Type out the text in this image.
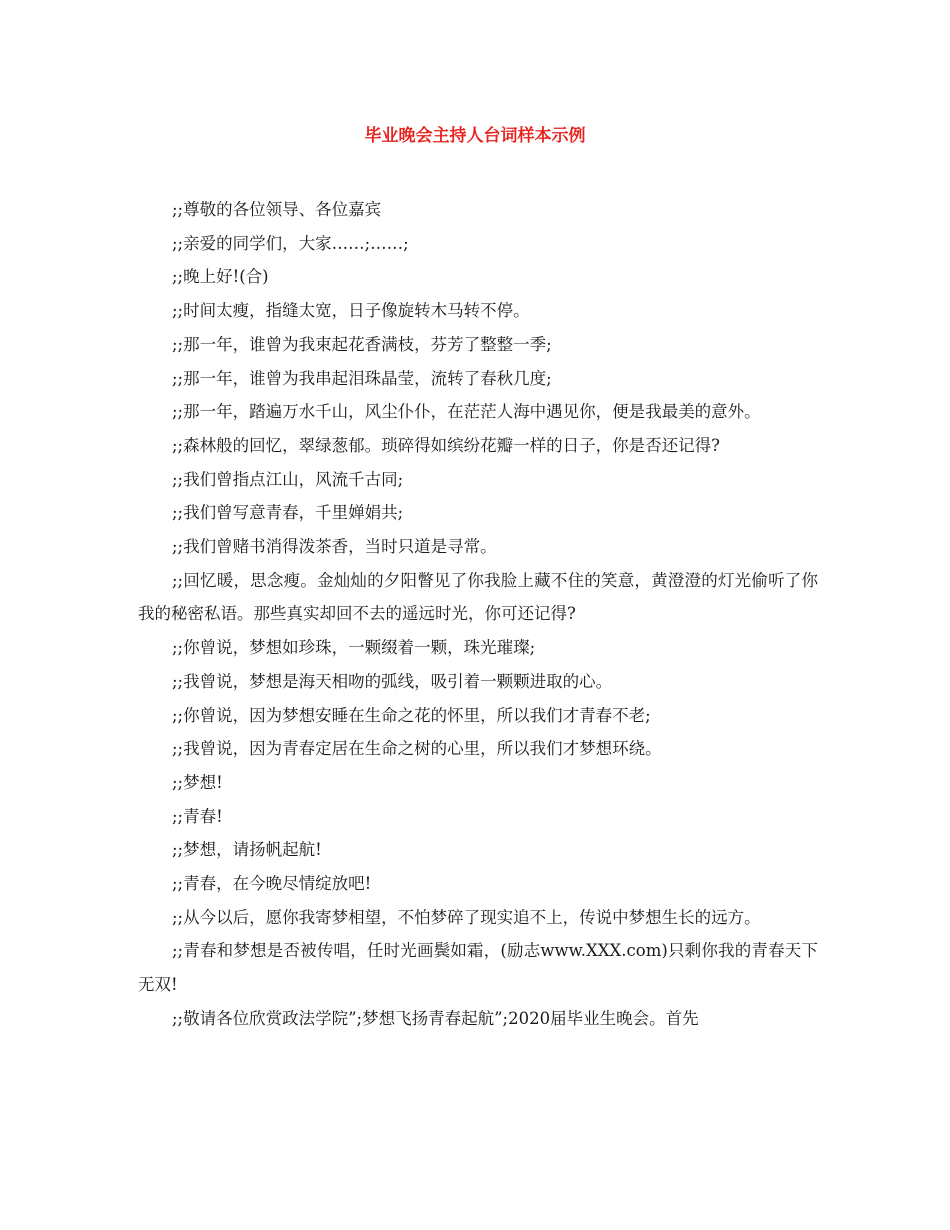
毕业晚会主持人台词样本示例

;;尊敬的各位领导、各位嘉宾

;;亲爱的同学们，大家……;……;

;;晚上好!(合)

;;时间太瘦，指缝太宽，日子像旋转木马转不停。

;;那一年，谁曾为我束起花香满枝，芬芳了整整一季;

;;那一年，谁曾为我串起泪珠晶莹，流转了春秋几度;

;;那一年，踏遍万水千山，风尘仆仆，在茫茫人海中遇见你，便是我最美的意外。

;;森林般的回忆，翠绿葱郁。琐碎得如缤纷花瓣一样的日子，你是否还记得?

;;我们曾指点江山，风流千古同;

;;我们曾写意青春，千里婵娟共;

;;我们曾赌书消得泼茶香，当时只道是寻常。

;;回忆暖，思念瘦。金灿灿的夕阳瞥见了你我脸上藏不住的笑意，黄澄澄的灯光偷听了你我的秘密私语。那些真实却回不去的遥远时光，你可还记得?

;;你曾说，梦想如珍珠，一颗缀着一颗，珠光璀璨;

;;我曾说，梦想是海天相吻的弧线，吸引着一颗颗进取的心。

;;你曾说，因为梦想安睡在生命之花的怀里，所以我们才青春不老;

;;我曾说，因为青春定居在生命之树的心里，所以我们才梦想环绕。

;;梦想!

;;青春!

;;梦想，请扬帆起航!

;;青春，在今晚尽情绽放吧!

;;从今以后，愿你我寄梦相望，不怕梦碎了现实追不上，传说中梦想生长的远方。

;;青春和梦想是否被传唱，任时光画鬓如霜，(励志www.XXX.com)只剩你我的青春天下无双!

;;敬请各位欣赏政法学院”;梦想飞扬青春起航”;2020届毕业生晚会。首先
